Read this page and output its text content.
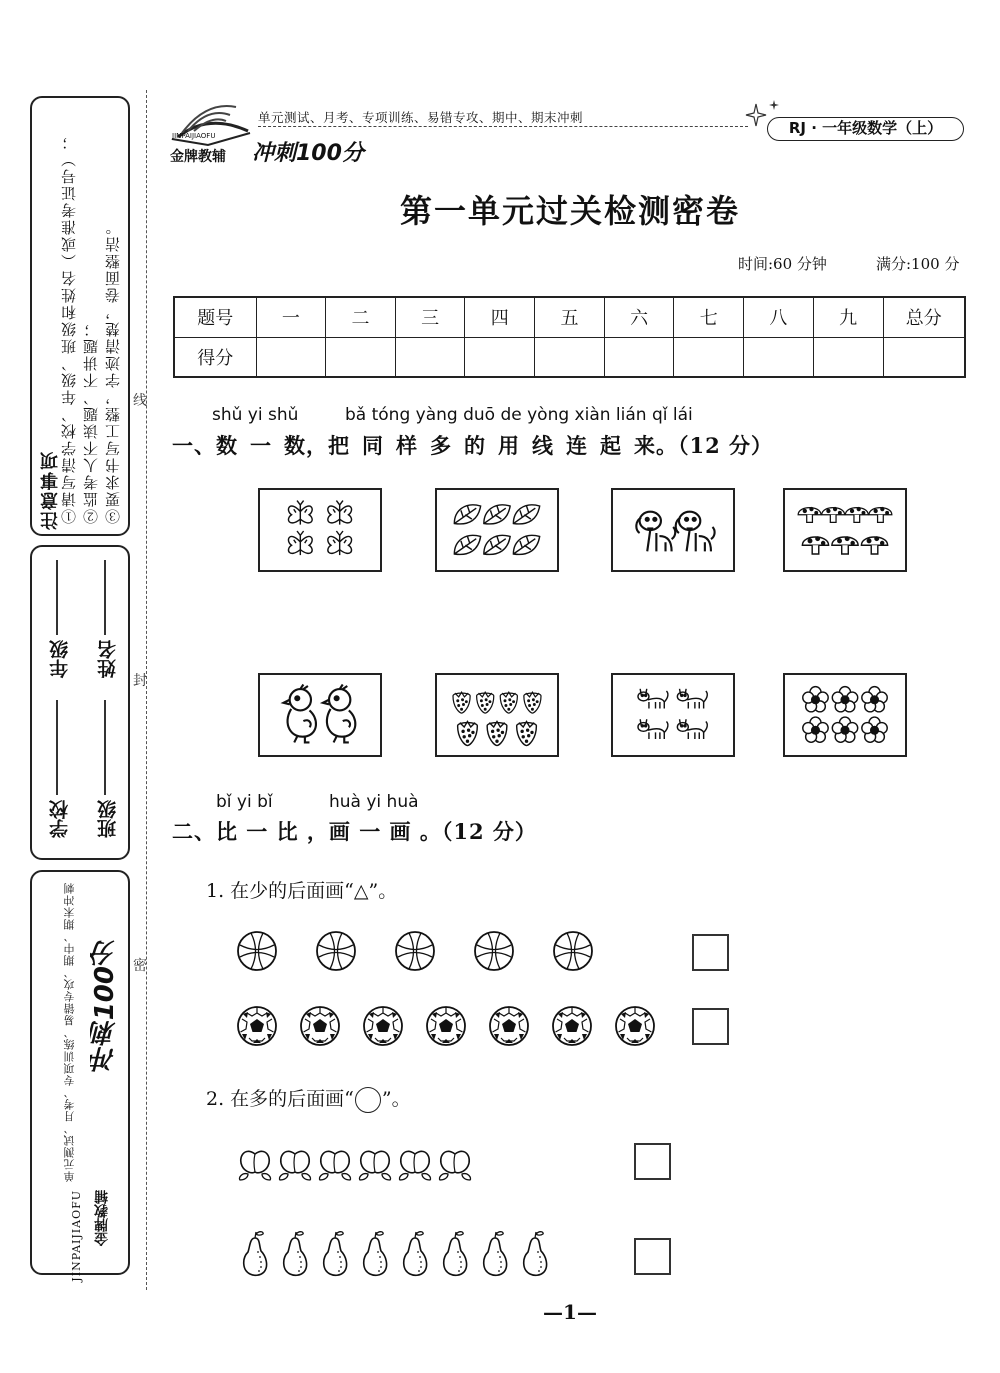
线
封
密
注意事项 ①请写清学校、年级、班级和姓名（或准考证号）； ②监考人不读题、不讲题； ③要求书写工整，字迹清楚，卷面整洁。
学校
年级
班级
姓名
单元测试、月考、专项训练、易错专攻、期中、期末冲刺 冲刺100分
JINPAIJIAOFU 金牌教辅
金牌教辅
JINPAIJIAOFU
单元测试、月考、专项训练、易错专攻、期中、期末冲刺
冲刺100分
RJ · 一年级数学（上）
第一单元过关检测密卷
时间:60 分钟	满分:100 分
题号	一	二	三	四	五	六	七	八	九	总分
得分										
shǔ yi shǔ	bǎ tóng yàng duō de yòng xiàn lián qǐ lái
一、数 一 数，把 同 样 多 的 用 线 连 起 来。（12 分）
bǐ yi bǐ	huà yi huà
二、比 一 比 ，画 一 画 。（12 分）
1. 在少的后面画“△”。
2. 在多的后面画“ ”。
—1—
